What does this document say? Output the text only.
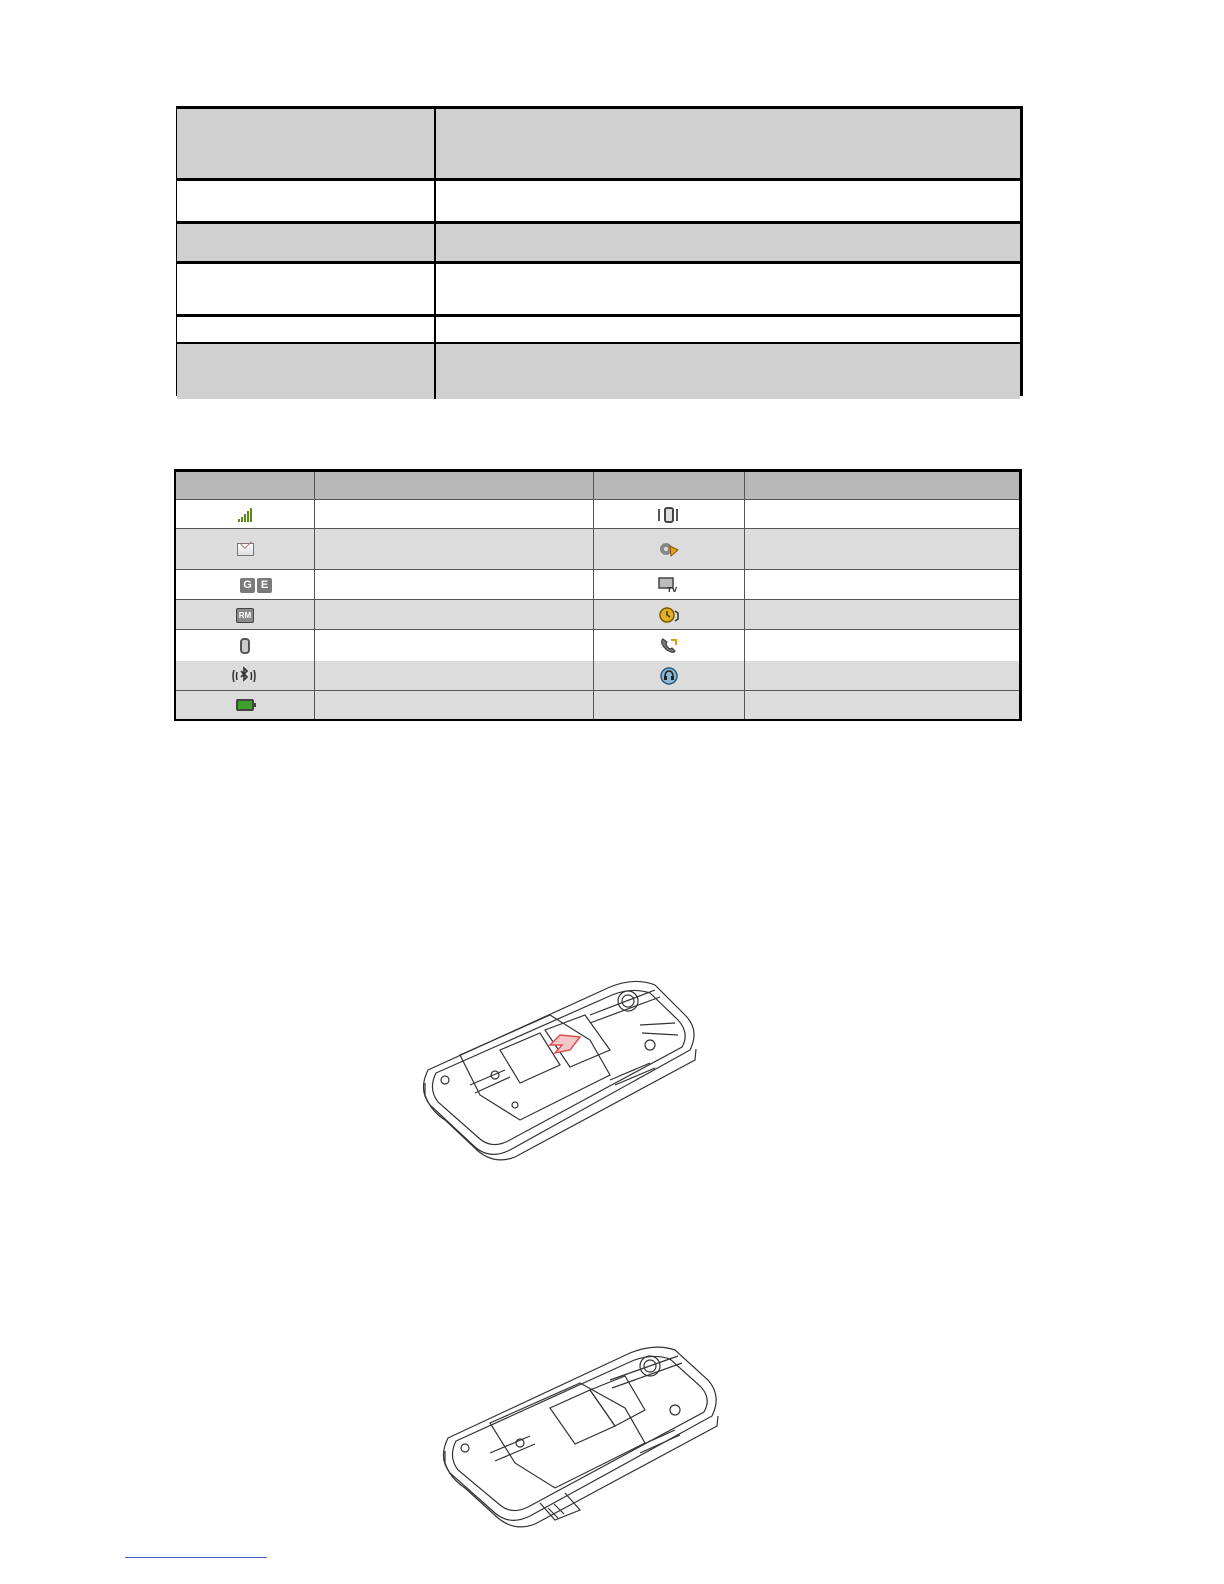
G E
RM
TV
